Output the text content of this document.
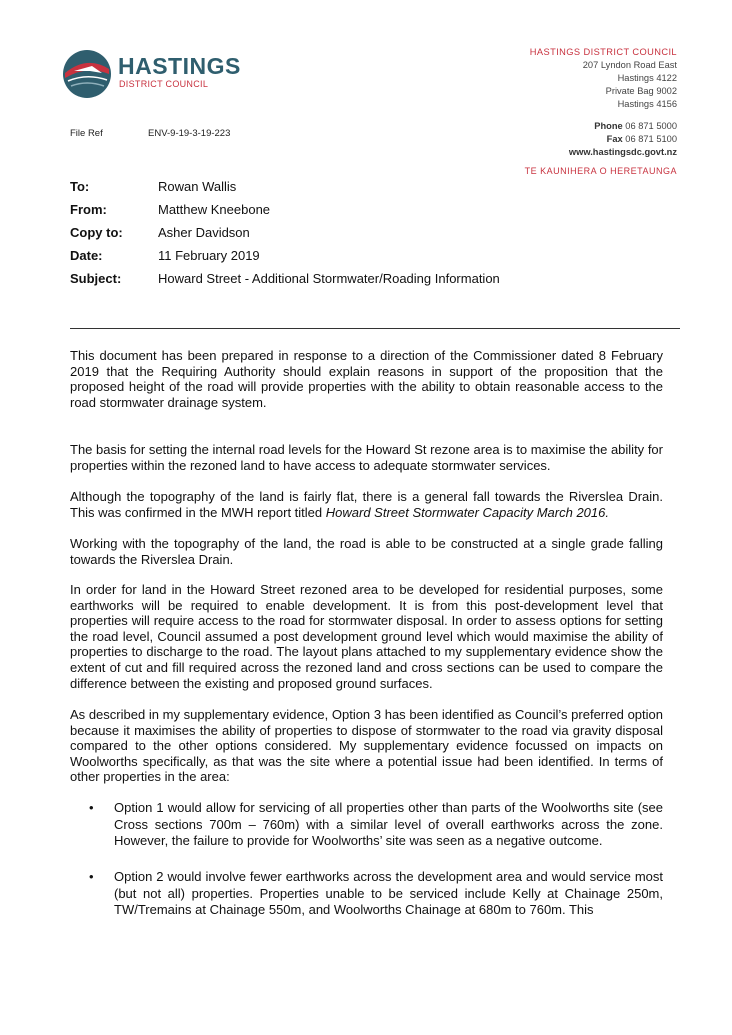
HASTINGS
DISTRICT COUNCIL
HASTINGS DISTRICT COUNCIL
207 Lyndon Road East
Hastings 4122
Private Bag 9002
Hastings 4156
Phone 06 871 5000
Fax 06 871 5100
www.hastingsdc.govt.nz
TE KAUNIHERA O HERETAUNGA
File Ref	ENV-9-19-3-19-223
To:	Rowan Wallis
From:	Matthew Kneebone
Copy to:	Asher Davidson
Date:	11 February 2019
Subject:	Howard Street - Additional Stormwater/Roading Information
This document has been prepared in response to a direction of the Commissioner dated 8 February 2019 that the Requiring Authority should explain reasons in support of the proposition that the proposed height of the road will provide properties with the ability to obtain reasonable access to the road stormwater drainage system.
The basis for setting the internal road levels for the Howard St rezone area is to maximise the ability for properties within the rezoned land to have access to adequate stormwater services.
Although the topography of the land is fairly flat, there is a general fall towards the Riverslea Drain. This was confirmed in the MWH report titled Howard Street Stormwater Capacity March 2016.
Working with the topography of the land, the road is able to be constructed at a single grade falling towards the Riverslea Drain.
In order for land in the Howard Street rezoned area to be developed for residential purposes, some earthworks will be required to enable development. It is from this post-development level that properties will require access to the road for stormwater disposal. In order to assess options for setting the road level, Council assumed a post development ground level which would maximise the ability of properties to discharge to the road. The layout plans attached to my supplementary evidence show the extent of cut and fill required across the rezoned land and cross sections can be used to compare the difference between the existing and proposed ground surfaces.
As described in my supplementary evidence, Option 3 has been identified as Council’s preferred option because it maximises the ability of properties to dispose of stormwater to the road via gravity disposal compared to the other options considered. My supplementary evidence focussed on impacts on Woolworths specifically, as that was the site where a potential issue had been identified. In terms of other properties in the area:
• Option 1 would allow for servicing of all properties other than parts of the Woolworths site (see Cross sections 700m – 760m) with a similar level of overall earthworks across the zone. However, the failure to provide for Woolworths’ site was seen as a negative outcome.
• Option 2 would involve fewer earthworks across the development area and would service most (but not all) properties. Properties unable to be serviced include Kelly at Chainage 250m, TW/Tremains at Chainage 550m, and Woolworths Chainage at 680m to 760m. This
